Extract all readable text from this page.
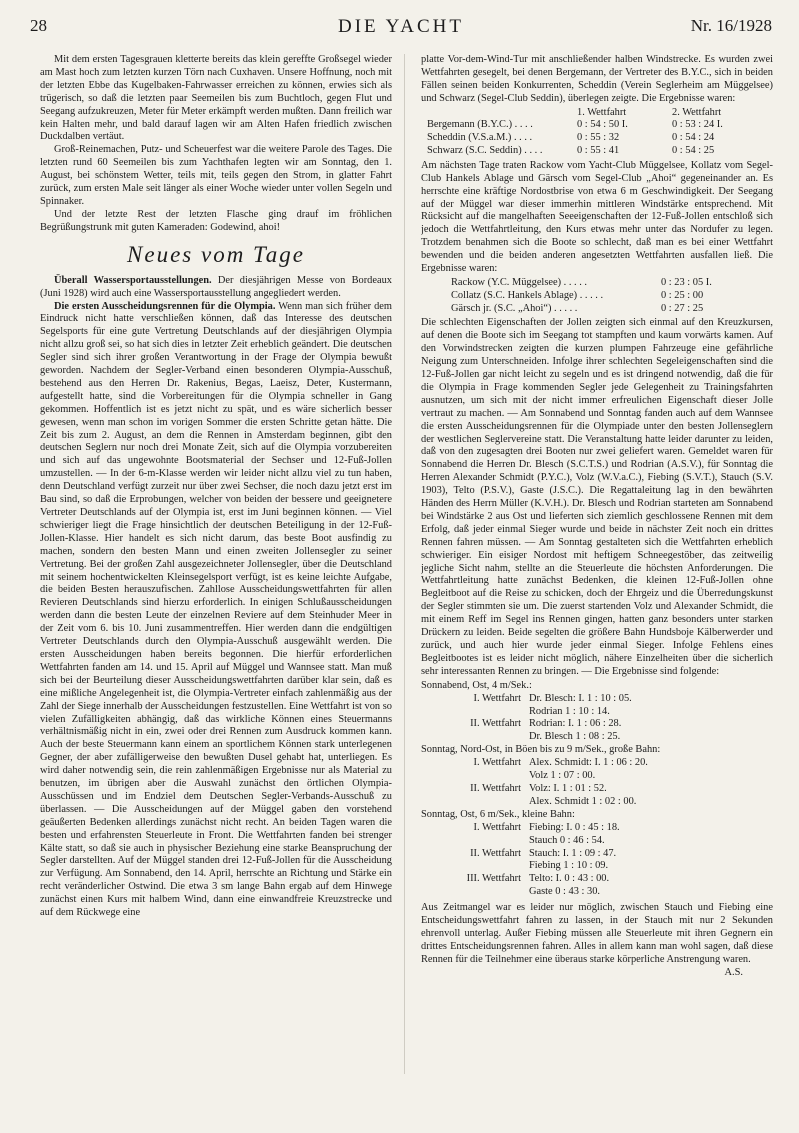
28	DIE YACHT	Nr. 16/1928

Mit dem ersten Tagesgrauen kletterte bereits das klein gereffte Großsegel wieder am Mast hoch zum letzten kurzen Törn nach Cuxhaven. Unsere Hoffnung, noch mit der letzten Ebbe das Kugelbaken-Fahrwasser erreichen zu können, erwies sich als trügerisch, so daß die letzten paar Seemeilen bis zum Buchtloch, gegen Flut und Seegang aufzukreuzen, Meter für Meter erkämpft werden mußten. Dann freilich war kein Halten mehr, und bald darauf lagen wir am Alten Hafen friedlich zwischen Duckdalben vertäut.

Groß-Reinemachen, Putz- und Scheuerfest war die weitere Parole des Tages. Die letzten rund 60 Seemeilen bis zum Yachthafen legten wir am Sonntag, den 1. August, bei schönstem Wetter, teils mit, teils gegen den Strom, in glatter Fahrt zurück, zum ersten Male seit länger als einer Woche wieder unter vollen Segeln und Spinnaker.

Und der letzte Rest der letzten Flasche ging drauf im fröhlichen Begrüßungstrunk mit guten Kameraden: Godewind, ahoi!

Neues vom Tage

Überall Wassersportausstellungen. Der diesjährigen Messe von Bordeaux (Juni 1928) wird auch eine Wassersportausstellung angegliedert werden.

Die ersten Ausscheidungsrennen für die Olympia. Wenn man sich früher dem Eindruck nicht hatte verschließen können, daß das Interesse des deutschen Segelsports für eine gute Vertretung Deutschlands auf der diesjährigen Olympia nicht allzu groß sei, so hat sich dies in letzter Zeit erheblich geändert. Die deutschen Segler sind sich ihrer großen Verantwortung in der Frage der Olympia bewußt geworden. Nachdem der Segler-Verband einen besonderen Olympia-Ausschuß, bestehend aus den Herren Dr. Rakenius, Begas, Laeisz, Deter, Kustermann, aufgestellt hatte, sind die Vorbereitungen für die Olympia schneller in Gang gekommen. Hoffentlich ist es jetzt nicht zu spät, und es wäre sicherlich besser gewesen, wenn man schon im vorigen Sommer die ersten Schritte getan hätte. Die Zeit bis zum 2. August, an dem die Rennen in Amsterdam beginnen, gibt den deutschen Seglern nur noch drei Monate Zeit, sich auf die Olympia vorzubereiten und sich auf das ungewohnte Bootsmaterial der Sechser und 12-Fuß-Jollen umzustellen. — In der 6-m-Klasse werden wir leider nicht allzu viel zu tun haben, denn Deutschland verfügt zurzeit nur über zwei Sechser, die noch dazu jetzt erst im Bau sind, so daß die Erprobungen, welcher von beiden der bessere und geeignetere Vertreter Deutschlands auf der Olympia ist, erst im Juni beginnen können. — Viel schwieriger liegt die Frage hinsichtlich der deutschen Beteiligung in der 12-Fuß-Jollen-Klasse. Hier handelt es sich nicht darum, das beste Boot ausfindig zu machen, sondern den besten Mann und einen zweiten Jollensegler zu seiner Vertretung. Bei der großen Zahl ausgezeichneter Jollensegler, über die Deutschland mit seinem hochentwickelten Kleinsegelsport verfügt, ist es keine leichte Aufgabe, die beiden Besten herauszufischen. Zahllose Ausscheidungswettfahrten für allen Revieren Deutschlands sind hierzu erforderlich. In einigen Schlußausscheidungen werden dann die besten Leute der einzelnen Reviere auf dem Steinhuder Meer in der Zeit vom 6. bis 10. Juni zusammentreffen. Hier werden dann die endgültigen Vertreter Deutschlands durch den Olympia-Ausschuß ausgewählt werden. Die ersten Ausscheidungen haben bereits begonnen. Die hierfür erforderlichen Wettfahrten fanden am 14. und 15. April auf Müggel und Wannsee statt. Man muß sich bei der Beurteilung dieser Ausscheidungswettfahrten darüber klar sein, daß es eine mißliche Angelegenheit ist, die Olympia-Vertreter einfach zahlenmäßig aus der Zahl der Siege innerhalb der Ausscheidungen festzustellen. Eine Wettfahrt ist von so vielen Zufälligkeiten abhängig, daß das wirkliche Können eines Steuermanns verhältnismäßig nicht in ein, zwei oder drei Rennen zum Ausdruck kommen kann. Auch der beste Steuermann kann einem an sportlichem Können stark unterlegenen Gegner, der aber zufälligerweise den bewußten Dusel gehabt hat, unterliegen. Es wird daher notwendig sein, die rein zahlenmäßigen Ergebnisse nur als Material zu benutzen, im übrigen aber die Auswahl zunächst den örtlichen Olympia-Ausschüssen und im Endziel dem Deutschen Segler-Verbands-Ausschuß zu überlassen. — Die Ausscheidungen auf der Müggel gaben den vorstehend geäußerten Bedenken allerdings zunächst nicht recht. An beiden Tagen waren die besten und erfahrensten Steuerleute in Front. Die Wettfahrten fanden bei strenger Kälte statt, so daß sie auch in physischer Beziehung eine starke Beanspruchung der Segler darstellten. Auf der Müggel standen drei 12-Fuß-Jollen für die Ausscheidung zur Verfügung. Am Sonnabend, den 14. April, herrschte an Richtung und Stärke ein recht veränderlicher Ostwind. Die etwa 3 sm lange Bahn ergab auf dem Hinwege zunächst einen Kurs mit halbem Wind, dann eine einwandfreie Kreuzstrecke und auf dem Rückwege eine

platte Vor-dem-Wind-Tur mit anschließender halben Windstrecke. Es wurden zwei Wettfahrten gesegelt, bei denen Bergemann, der Vertreter des B.Y.C., sich in beiden Fällen seinen beiden Konkurrenten, Scheddin (Verein Seglerheim am Müggelsee) und Schwarz (Segel-Club Seddin), überlegen zeigte. Die Ergebnisse waren:

	1. Wettfahrt	2. Wettfahrt
Bergemann (B.Y.C.) . . . .	0 : 54 : 50 I.	0 : 53 : 24 I.
Scheddin (V.S.a.M.) . . . .	0 : 55 : 32	0 : 54 : 24
Schwarz (S.C. Seddin) . . . .	0 : 55 : 41	0 : 54 : 25

Am nächsten Tage traten Rackow vom Yacht-Club Müggelsee, Kollatz vom Segel-Club Hankels Ablage und Gärsch vom Segel-Club „Ahoi“ gegeneinander an. Es herrschte eine kräftige Nordostbrise von etwa 6 m Geschwindigkeit. Der Seegang auf der Müggel war dieser immerhin mittleren Windstärke entsprechend. Mit Rücksicht auf die mangelhaften Seeeigenschaften der 12-Fuß-Jollen entschloß sich jedoch die Wettfahrtleitung, den Kurs etwas mehr unter das Nordufer zu legen. Trotzdem benahmen sich die Boote so schlecht, daß man es bei einer Wettfahrt bewenden und die beiden anderen angesetzten Wettfahrten ausfallen ließ. Die Ergebnisse waren:

Rackow (Y.C. Müggelsee) . . . . .	0 : 23 : 05 I.
Collatz (S.C. Hankels Ablage) . . . . .	0 : 25 : 00
Gärsch jr. (S.C. „Ahoi“) . . . . .	0 : 27 : 25

Die schlechten Eigenschaften der Jollen zeigten sich einmal auf den Kreuzkursen, auf denen die Boote sich im Seegang tot stampften und kaum vorwärts kamen. Auf den Vorwindstrecken zeigten die kurzen plumpen Fahrzeuge eine gefährliche Neigung zum Unterschneiden. Infolge ihrer schlechten Segeleigenschaften sind die 12-Fuß-Jollen gar nicht leicht zu segeln und es ist dringend notwendig, daß die für die Olympia in Frage kommenden Segler jede Gelegenheit zu Trainingsfahrten ausnutzen, um sich mit der nicht immer erfreulichen Eigenschaft dieser Jolle vertraut zu machen. — Am Sonnabend und Sonntag fanden auch auf dem Wannsee die ersten Ausscheidungsrennen für die Olympiade unter den besten Jollenseglern der westlichen Seglervereine statt. Die Veranstaltung hatte leider darunter zu leiden, daß von den zugesagten drei Booten nur zwei geliefert waren. Gemeldet waren für Sonnabend die Herren Dr. Blesch (S.C.T.S.) und Rodrian (A.S.V.), für Sonntag die Herren Alexander Schmidt (P.Y.C.), Volz (W.V.a.C.), Fiebing (S.V.T.), Stauch (S.V. 1903), Telto (P.S.V.), Gaste (J.S.C.). Die Regattaleitung lag in den bewährten Händen des Herrn Müller (K.V.H.). Dr. Blesch und Rodrian starteten am Sonnabend bei Windstärke 2 aus Ost und lieferten sich ziemlich geschlossene Rennen mit dem Erfolg, daß jeder einmal Sieger wurde und beide in nächster Zeit noch ein drittes Rennen fahren müssen. — Am Sonntag gestalteten sich die Wettfahrten erheblich schwieriger. Ein eisiger Nordost mit heftigem Schneegestöber, das zeitweilig jegliche Sicht nahm, stellte an die Steuerleute die höchsten Anforderungen. Die Wettfahrtleitung hatte zunächst Bedenken, die kleinen 12-Fuß-Jollen ohne Begleitboot auf die Reise zu schicken, doch der Ehrgeiz und die Überredungskunst der Segler stimmten sie um. Die zuerst startenden Volz und Alexander Schmidt, die mit einem Reff im Segel ins Rennen gingen, hatten ganz besonders unter starken Drückern zu leiden. Beide segelten die größere Bahn Hundsboje Kälberwerder und zurück, und auch hier wurde jeder einmal Sieger. Infolge Fehlens eines Begleitbootes ist es leider nicht möglich, nähere Einzelheiten über die sicherlich sehr interessanten Rennen zu bringen. — Die Ergebnisse sind folgende:

Sonnabend, Ost, 4 m/Sek.:

I. Wettfahrt Dr. Blesch: I. 1 : 10 : 05.
Rodrian 1 : 10 : 14.
II. Wettfahrt Rodrian: I. 1 : 06 : 28.
Dr. Blesch 1 : 08 : 25.

Sonntag, Nord-Ost, in Böen bis zu 9 m/Sek., große Bahn:

I. Wettfahrt Alex. Schmidt: I. 1 : 06 : 20.
Volz 1 : 07 : 00.
II. Wettfahrt Volz: I. 1 : 01 : 52.
Alex. Schmidt 1 : 02 : 00.

Sonntag, Ost, 6 m/Sek., kleine Bahn:

I. Wettfahrt Fiebing: I. 0 : 45 : 18.
Stauch 0 : 46 : 54.
II. Wettfahrt Stauch: I. 1 : 09 : 47.
Fiebing 1 : 10 : 09.
III. Wettfahrt Telto: I. 0 : 43 : 00.
Gaste 0 : 43 : 30.

Aus Zeitmangel war es leider nur möglich, zwischen Stauch und Fiebing eine Entscheidungswettfahrt fahren zu lassen, in der Stauch mit nur 2 Sekunden ehrenvoll unterlag. Außer Fiebing müssen alle Steuerleute mit ihren Gegnern ein drittes Entscheidungsrennen fahren. Alles in allem kann man wohl sagen, daß diese Rennen für die Teilnehmer eine überaus starke körperliche Anstrengung waren.

A.S.
